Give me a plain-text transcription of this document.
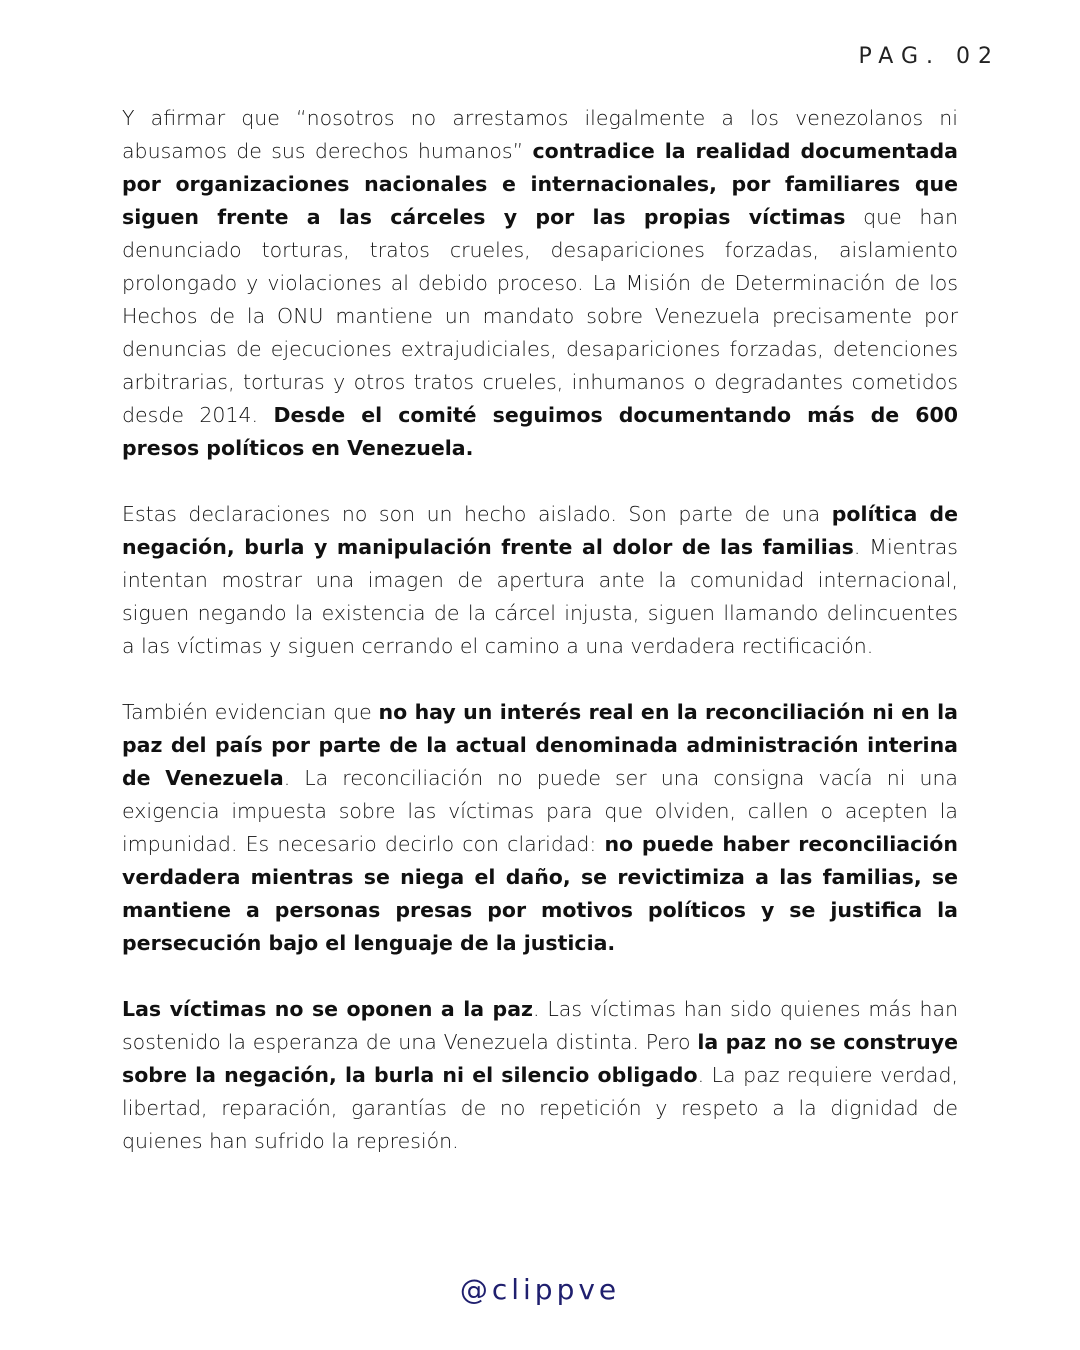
PAG. 02

Y afirmar que “nosotros no arrestamos ilegalmente a los venezolanos ni abusamos de sus derechos humanos” contradice la realidad documentada por organizaciones nacionales e internacionales, por familiares que siguen frente a las cárceles y por las propias víctimas que han denunciado torturas, tratos crueles, desapariciones forzadas, aislamiento prolongado y violaciones al debido proceso. La Misión de Determinación de los Hechos de la ONU mantiene un mandato sobre Venezuela precisamente por denuncias de ejecuciones extrajudiciales, desapariciones forzadas, detenciones arbitrarias, torturas y otros tratos crueles, inhumanos o degradantes cometidos desde 2014. Desde el comité seguimos documentando más de 600 presos políticos en Venezuela.

Estas declaraciones no son un hecho aislado. Son parte de una política de negación, burla y manipulación frente al dolor de las familias. Mientras intentan mostrar una imagen de apertura ante la comunidad internacional, siguen negando la existencia de la cárcel injusta, siguen llamando delincuentes a las víctimas y siguen cerrando el camino a una verdadera rectificación.

También evidencian que no hay un interés real en la reconciliación ni en la paz del país por parte de la actual denominada administración interina de Venezuela. La reconciliación no puede ser una consigna vacía ni una exigencia impuesta sobre las víctimas para que olviden, callen o acepten la impunidad. Es necesario decirlo con claridad: no puede haber reconciliación verdadera mientras se niega el daño, se revictimiza a las familias, se mantiene a personas presas por motivos políticos y se justifica la persecución bajo el lenguaje de la justicia.

Las víctimas no se oponen a la paz. Las víctimas han sido quienes más han sostenido la esperanza de una Venezuela distinta. Pero la paz no se construye sobre la negación, la burla ni el silencio obligado. La paz requiere verdad, libertad, reparación, garantías de no repetición y respeto a la dignidad de quienes han sufrido la represión.

@clippve
